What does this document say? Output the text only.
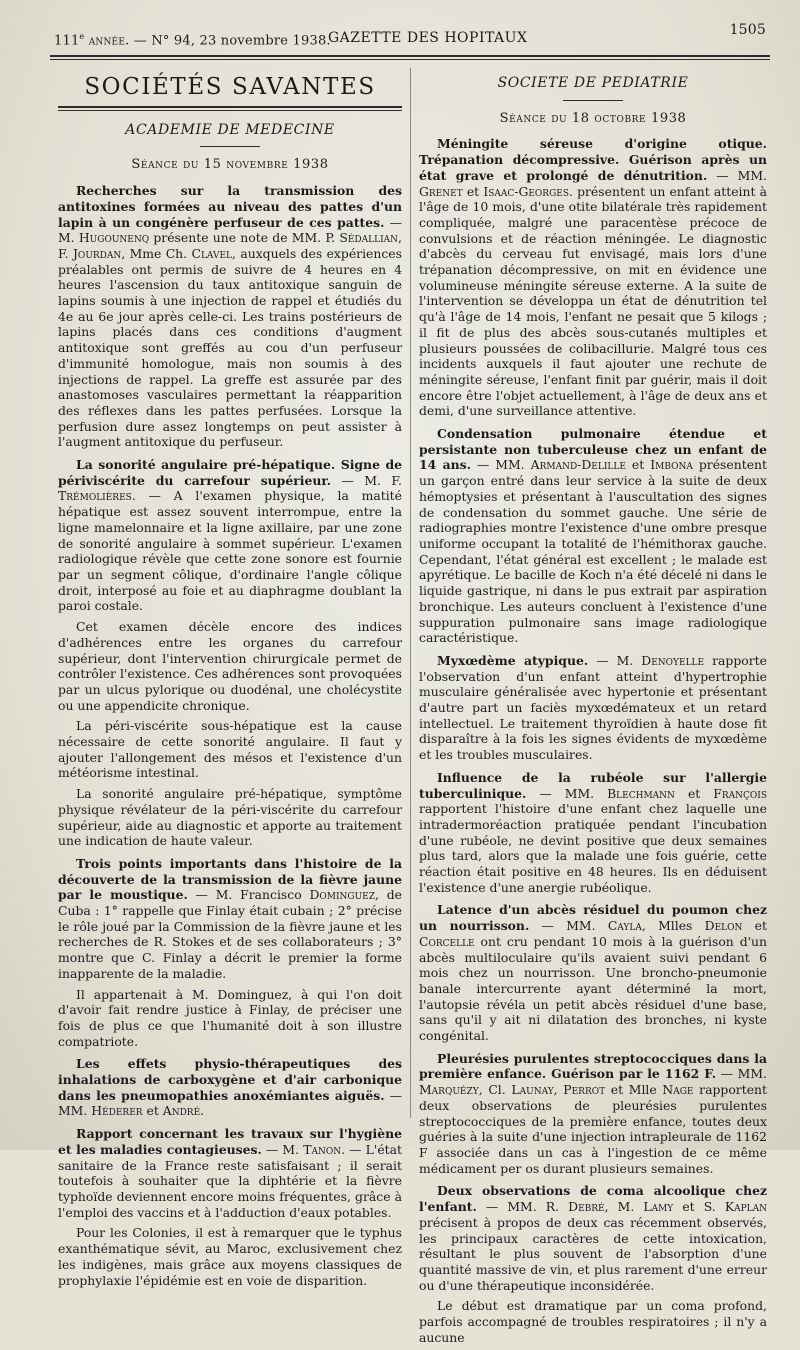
111e année. — N° 94, 23 novembre 1938.
GAZETTE DES HOPITAUX	1505
SOCIÉTÉS SAVANTES
ACADEMIE DE MEDECINE
Séance du 15 novembre 1938

Recherches sur la transmission des antitoxines formées au niveau des pattes d'un lapin à un congénère perfuseur de ces pattes. — M. Hugounenq présente une note de MM. P. Sédallian, F. Jourdan, Mme Ch. Clavel, auxquels des expériences préalables ont permis de suivre de 4 heures en 4 heures l'ascension du taux antitoxique sanguin de lapins soumis à une injection de rappel et étudiés du 4e au 6e jour après celle-ci. Les trains postérieurs de lapins placés dans ces conditions d'augment antitoxique sont greffés au cou d'un perfuseur d'immunité homologue, mais non soumis à des injections de rappel. La greffe est assurée par des anastomoses vasculaires permettant la réapparition des réflexes dans les pattes perfusées. Lorsque la perfusion dure assez longtemps on peut assister à l'augment antitoxique du perfuseur.

La sonorité angulaire pré-hépatique. Signe de périviscérite du carrefour supérieur. — M. F. Trémolières. — A l'examen physique, la matité hépatique est assez souvent interrompue, entre la ligne mamelonnaire et la ligne axillaire, par une zone de sonorité angulaire à sommet supérieur. L'examen radiologique révèle que cette zone sonore est fournie par un segment côlique, d'ordinaire l'angle côlique droit, interposé au foie et au diaphragme doublant la paroi costale.

Cet examen décèle encore des indices d'adhérences entre les organes du carrefour supérieur, dont l'intervention chirurgicale permet de contrôler l'existence. Ces adhérences sont provoquées par un ulcus pylorique ou duodénal, une cholécystite ou une appendicite chronique.

La péri-viscérite sous-hépatique est la cause nécessaire de cette sonorité angulaire. Il faut y ajouter l'allongement des mésos et l'existence d'un météorisme intestinal.

La sonorité angulaire pré-hépatique, symptôme physique révélateur de la péri-viscérite du carrefour supérieur, aide au diagnostic et apporte au traitement une indication de haute valeur.

Trois points importants dans l'histoire de la découverte de la transmission de la fièvre jaune par le moustique. — M. Francisco Dominguez, de Cuba : 1° rappelle que Finlay était cubain ; 2° précise le rôle joué par la Commission de la fièvre jaune et les recherches de R. Stokes et de ses collaborateurs ; 3° montre que C. Finlay a décrit le premier la forme inapparente de la maladie.

Il appartenait à M. Dominguez, à qui l'on doit d'avoir fait rendre justice à Finlay, de préciser une fois de plus ce que l'humanité doit à son illustre compatriote.

Les effets physio-thérapeutiques des inhalations de carboxygène et d'air carbonique dans les pneumopathies anoxémiantes aiguës. — MM. Héderer et André.

Rapport concernant les travaux sur l'hygiène et les maladies contagieuses. — M. Tanon. — L'état sanitaire de la France reste satisfaisant ; il serait toutefois à souhaiter que la diphtérie et la fièvre typhoïde deviennent encore moins fréquentes, grâce à l'emploi des vaccins et à l'adduction d'eaux potables.

Pour les Colonies, il est à remarquer que le typhus exanthématique sévit, au Maroc, exclusivement chez les indigènes, mais grâce aux moyens classiques de prophylaxie l'épidémie est en voie de disparition.

SOCIETE DE PEDIATRIE
Séance du 18 octobre 1938

Méningite séreuse d'origine otique. Trépanation décompressive. Guérison après un état grave et prolongé de dénutrition. — MM. Grenet et Isaac-Georges. présentent un enfant atteint à l'âge de 10 mois, d'une otite bilatérale très rapidement compliquée, malgré une paracentèse précoce de convulsions et de réaction méningée. Le diagnostic d'abcès du cerveau fut envisagé, mais lors d'une trépanation décompressive, on mit en évidence une volumineuse méningite séreuse externe. A la suite de l'intervention se développa un état de dénutrition tel qu'à l'âge de 14 mois, l'enfant ne pesait que 5 kilogs ; il fit de plus des abcès sous-cutanés multiples et plusieurs poussées de colibacillurie. Malgré tous ces incidents auxquels il faut ajouter une rechute de méningite séreuse, l'enfant finit par guérir, mais il doit encore être l'objet actuellement, à l'âge de deux ans et demi, d'une surveillance attentive.

Condensation pulmonaire étendue et persistante non tuberculeuse chez un enfant de 14 ans. — MM. Armand-Delille et Imbona présentent un garçon entré dans leur service à la suite de deux hémoptysies et présentant à l'auscultation des signes de condensation du sommet gauche. Une série de radiographies montre l'existence d'une ombre presque uniforme occupant la totalité de l'hémithorax gauche. Cependant, l'état général est excellent ; le malade est apyrétique. Le bacille de Koch n'a été décelé ni dans le liquide gastrique, ni dans le pus extrait par aspiration bronchique. Les auteurs concluent à l'existence d'une suppuration pulmonaire sans image radiologique caractéristique.

Myxœdème atypique. — M. Denoyelle rapporte l'observation d'un enfant atteint d'hypertrophie musculaire généralisée avec hypertonie et présentant d'autre part un faciès myxœdémateux et un retard intellectuel. Le traitement thyroïdien à haute dose fit disparaître à la fois les signes évidents de myxœdème et les troubles musculaires.

Influence de la rubéole sur l'allergie tuberculinique. — MM. Blechmann et François rapportent l'histoire d'une enfant chez laquelle une intradermoréaction pratiquée pendant l'incubation d'une rubéole, ne devint positive que deux semaines plus tard, alors que la malade une fois guérie, cette réaction était positive en 48 heures. Ils en déduisent l'existence d'une anergie rubéolique.

Latence d'un abcès résiduel du poumon chez un nourrisson. — MM. Cayla, Mlles Delon et Corcelle ont cru pendant 10 mois à la guérison d'un abcès multiloculaire qu'ils avaient suivi pendant 6 mois chez un nourrisson. Une broncho-pneumonie banale intercurrente ayant déterminé la mort, l'autopsie révéla un petit abcès résiduel d'une base, sans qu'il y ait ni dilatation des bronches, ni kyste congénital.

Pleurésies purulentes streptococciques dans la première enfance. Guérison par le 1162 F. — MM. Marquézy, Cl. Launay, Perrot et Mlle Nage rapportent deux observations de pleurésies purulentes streptococciques de la première enfance, toutes deux guéries à la suite d'une injection intrapleurale de 1162 F associée dans un cas à l'ingestion de ce même médicament per os durant plusieurs semaines.

Deux observations de coma alcoolique chez l'enfant. — MM. R. Debré, M. Lamy et S. Kaplan précisent à propos de deux cas récemment observés, les principaux caractères de cette intoxication, résultant le plus souvent de l'absorption d'une quantité massive de vin, et plus rarement d'une erreur ou d'une thérapeutique inconsidérée.

Le début est dramatique par un coma profond, parfois accompagné de troubles respiratoires ; il n'y a aucune
